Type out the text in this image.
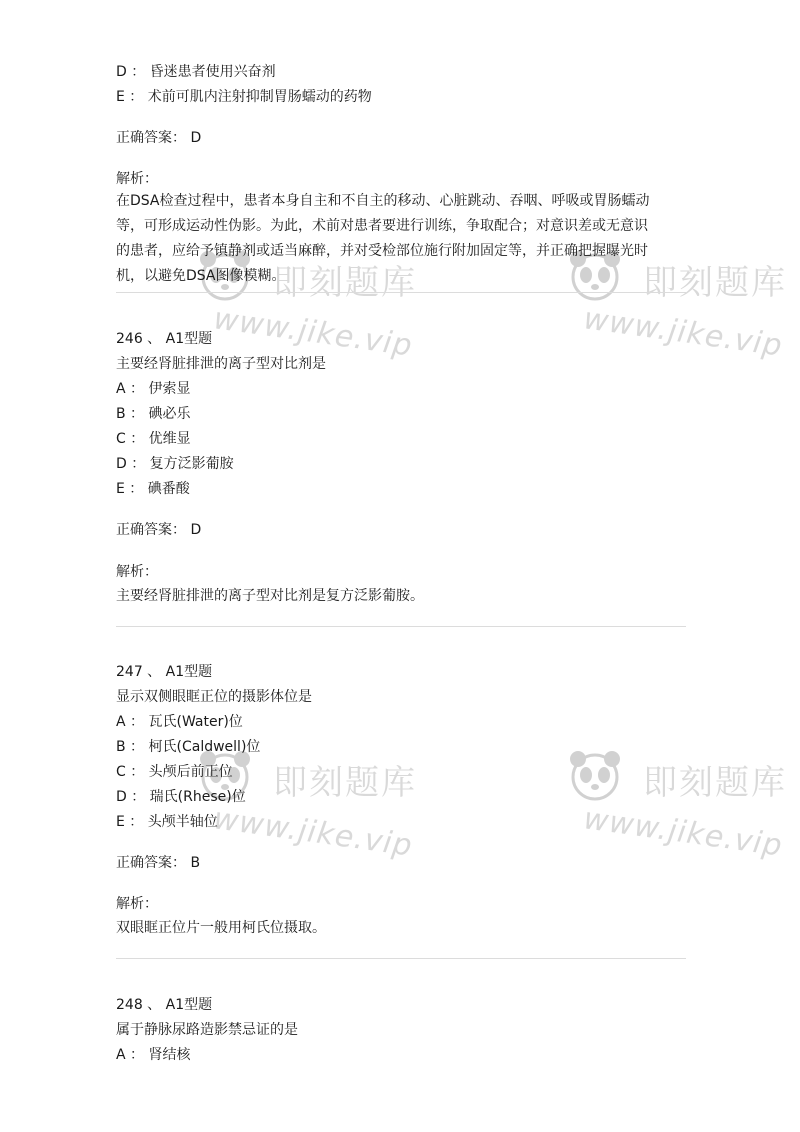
即刻题库
www.jike.vip
即刻题库
www.jike.vip
即刻题库
www.jike.vip
即刻题库
www.jike.vip
D ： 昏迷患者使用兴奋剂
E ： 术前可肌内注射抑制胃肠蠕动的药物
正确答案： D
解析：
在DSA检查过程中，患者本身自主和不自主的移动、心脏跳动、吞咽、呼吸或胃肠蠕动
等，可形成运动性伪影。为此，术前对患者要进行训练，争取配合；对意识差或无意识
的患者，应给予镇静剂或适当麻醉，并对受检部位施行附加固定等，并正确把握曝光时
机，以避免DSA图像模糊。
246 、 A1型题
主要经肾脏排泄的离子型对比剂是
A ： 伊索显
B ： 碘必乐
C ： 优维显
D ： 复方泛影葡胺
E ： 碘番酸
正确答案： D
解析：
主要经肾脏排泄的离子型对比剂是复方泛影葡胺。
247 、 A1型题
显示双侧眼眶正位的摄影体位是
A ： 瓦氏(Water)位
B ： 柯氏(Caldwell)位
C ： 头颅后前正位
D ： 瑞氏(Rhese)位
E ： 头颅半轴位
正确答案： B
解析：
双眼眶正位片一般用柯氏位摄取。
248 、 A1型题
属于静脉尿路造影禁忌证的是
A ： 肾结核
